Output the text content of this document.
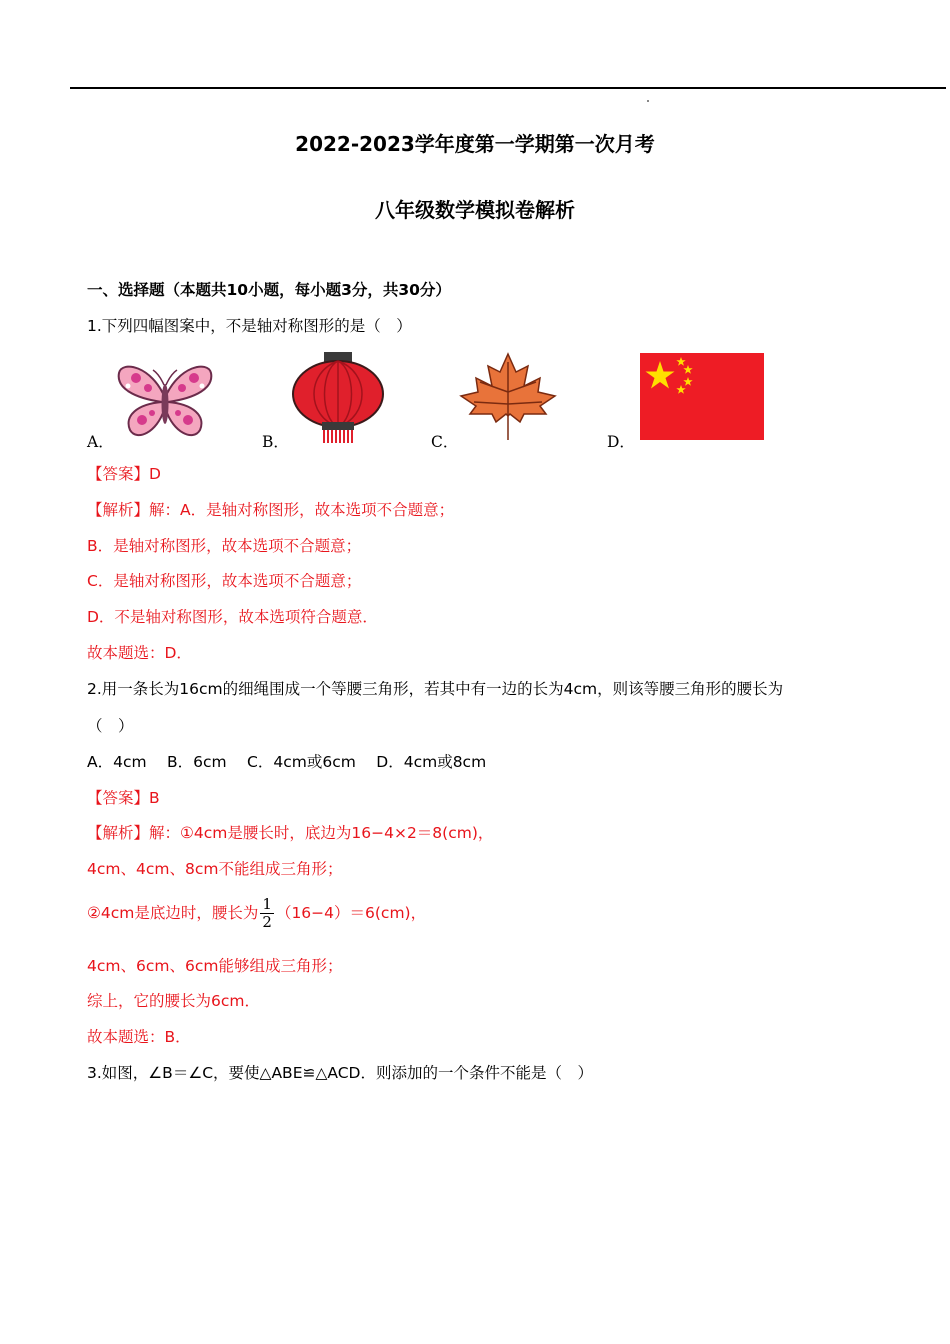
2022-2023学年度第一学期第一次月考
八年级数学模拟卷解析
一、选择题（本题共10小题，每小题3分，共30分）
1.下列四幅图案中，不是轴对称图形的是（　）
A．	B．	C．	D．
【答案】D
【解析】解：A．是轴对称图形，故本选项不合题意；
B．是轴对称图形，故本选项不合题意；
C．是轴对称图形，故本选项不合题意；
D．不是轴对称图形，故本选项符合题意．
故本题选：D．
2.用一条长为16cm的细绳围成一个等腰三角形，若其中有一边的长为4cm，则该等腰三角形的腰长为
（　）
A．4cm　 B．6cm　 C．4cm或6cm　 D．4cm或8cm
【答案】B
【解析】解：①4cm是腰长时，底边为16−4×2＝8(cm)，
4cm、4cm、8cm不能组成三角形；
②4cm是底边时，腰长为 $\frac{1}{2} (16-4)=6(cm)$，
4cm、6cm、6cm能够组成三角形；
综上，它的腰长为6cm．
故本题选：B．
3.如图，∠B＝∠C，要使△ABE≌△ACD．则添加的一个条件不能是（　）
